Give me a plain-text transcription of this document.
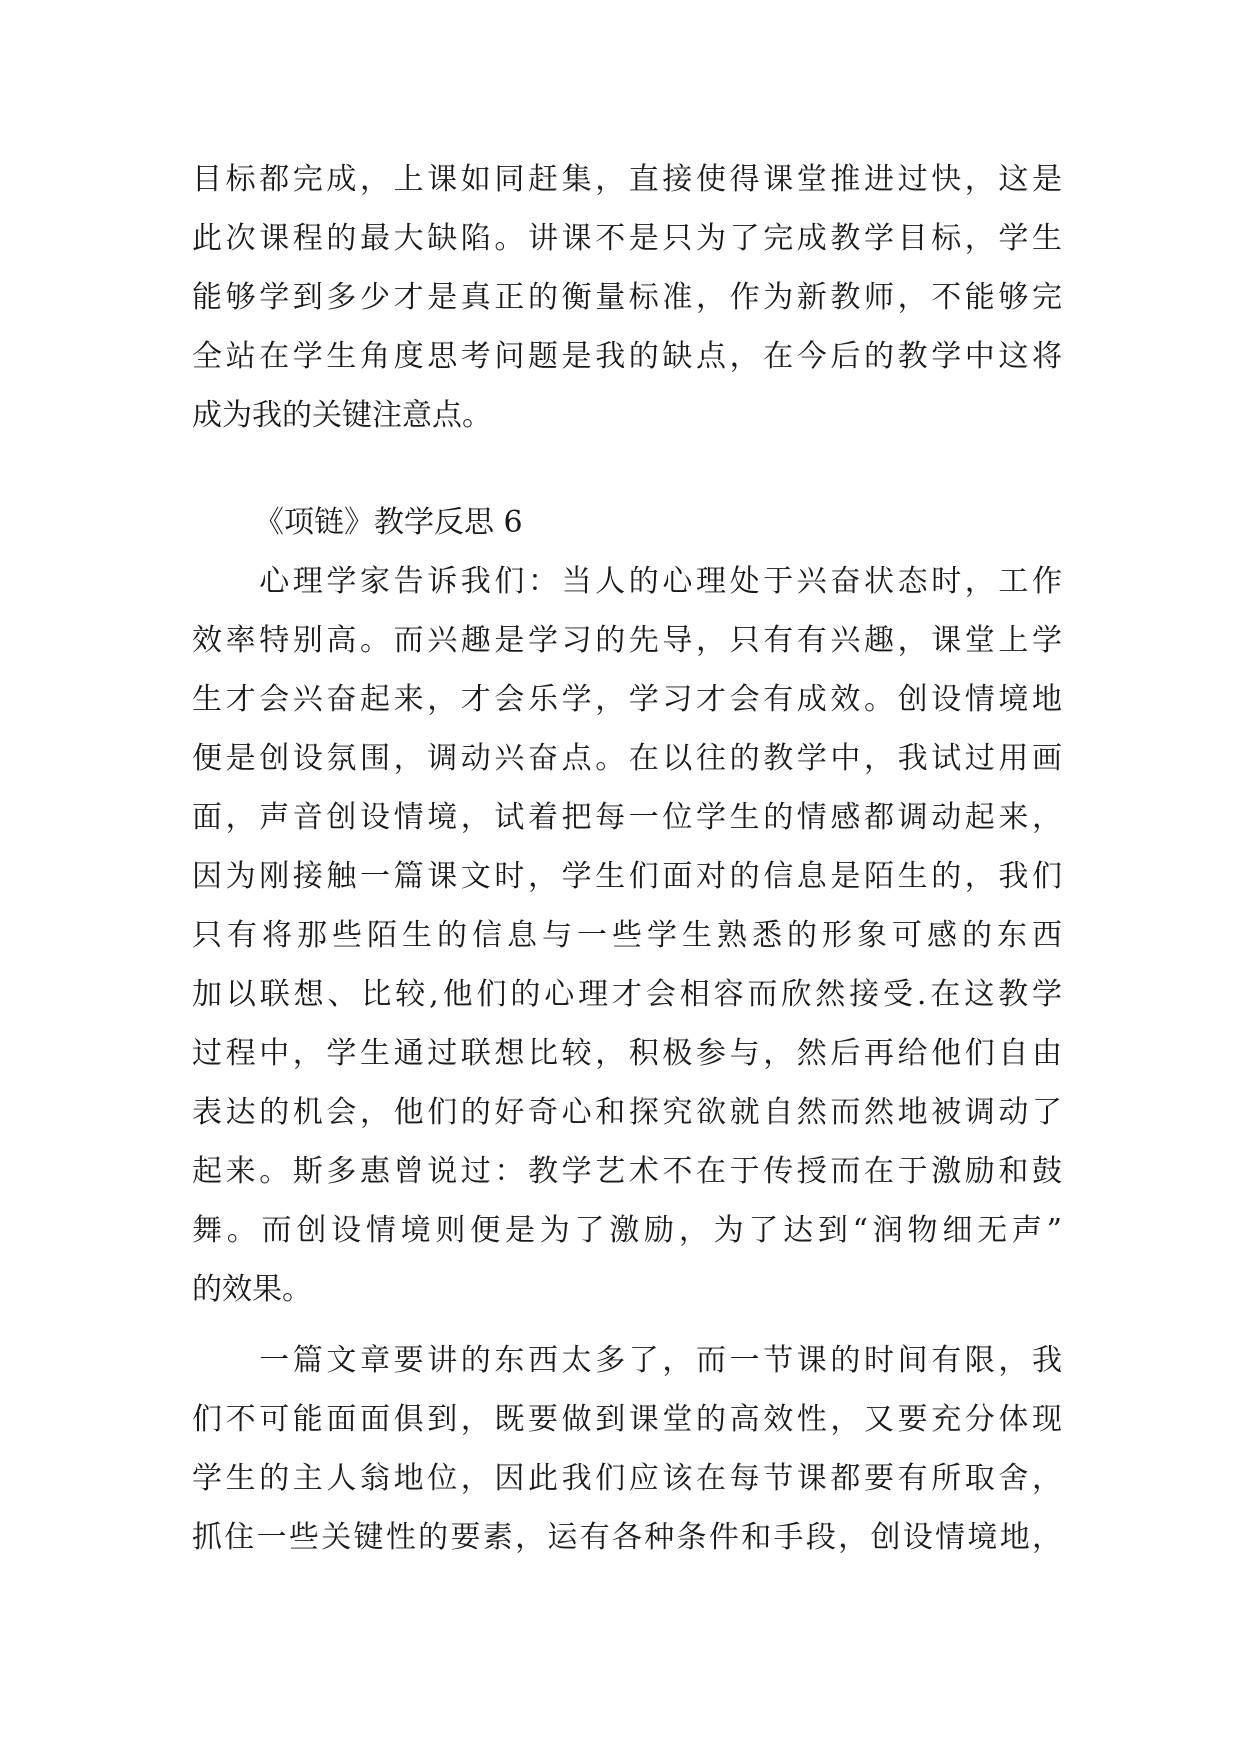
目标都完成，上课如同赶集，直接使得课堂推进过快，这是
此次课程的最大缺陷。讲课不是只为了完成教学目标，学生
能够学到多少才是真正的衡量标准，作为新教师，不能够完
全站在学生角度思考问题是我的缺点，在今后的教学中这将
成为我的关键注意点。
《项链》教学反思 6
　　心理学家告诉我们：当人的心理处于兴奋状态时，工作
效率特别高。而兴趣是学习的先导，只有有兴趣，课堂上学
生才会兴奋起来，才会乐学，学习才会有成效。创设情境地
便是创设氛围，调动兴奋点。在以往的教学中，我试过用画
面，声音创设情境，试着把每一位学生的情感都调动起来，
因为刚接触一篇课文时，学生们面对的信息是陌生的，我们
只有将那些陌生的信息与一些学生熟悉的形象可感的东西
加以联想、比较,他们的心理才会相容而欣然接受.在这教学
过程中，学生通过联想比较，积极参与，然后再给他们自由
表达的机会，他们的好奇心和探究欲就自然而然地被调动了
起来。斯多惠曾说过：教学艺术不在于传授而在于激励和鼓
舞。而创设情境则便是为了激励，为了达到“润物细无声”
的效果。
　　一篇文章要讲的东西太多了，而一节课的时间有限，我
们不可能面面俱到，既要做到课堂的高效性，又要充分体现
学生的主人翁地位，因此我们应该在每节课都要有所取舍，
抓住一些关键性的要素，运有各种条件和手段，创设情境地，
